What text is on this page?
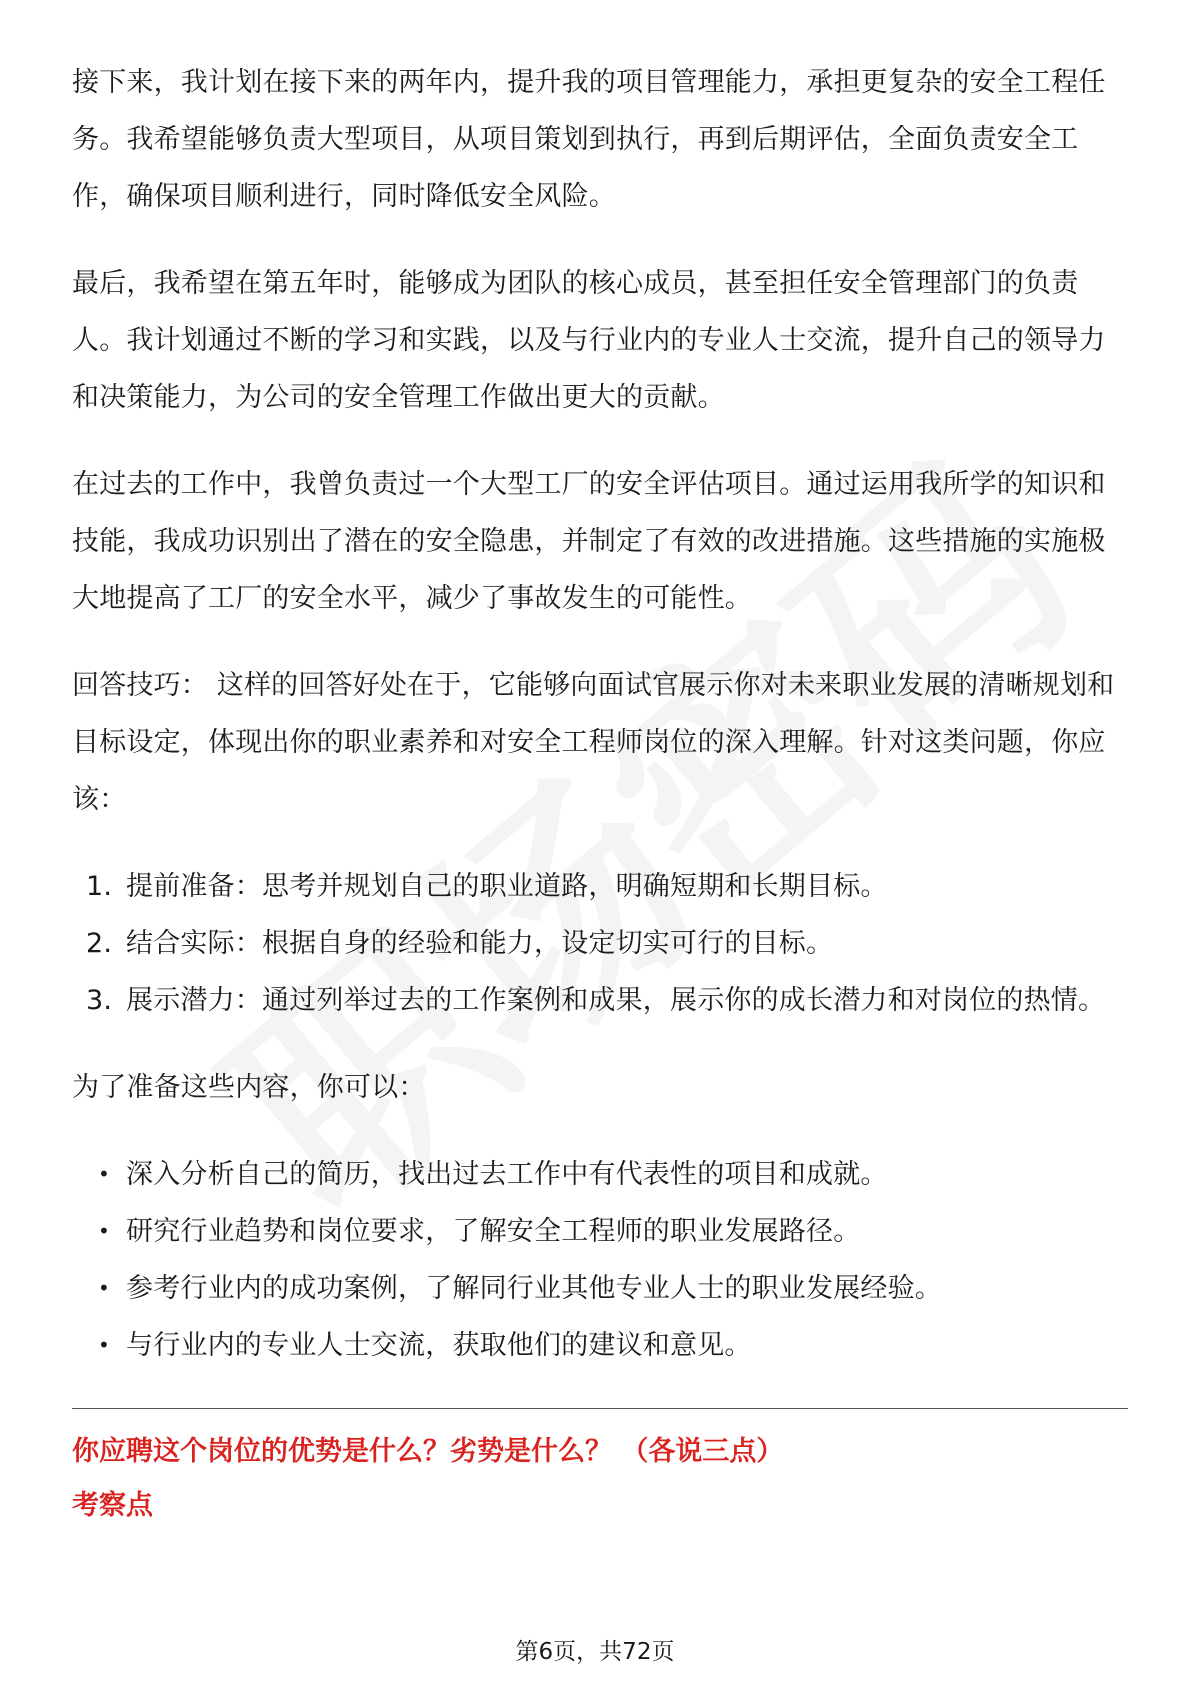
接下来，我计划在接下来的两年内，提升我的项目管理能力，承担更复杂的安全工程任务。我希望能够负责大型项目，从项目策划到执行，再到后期评估，全面负责安全工作，确保项目顺利进行，同时降低安全风险。

最后，我希望在第五年时，能够成为团队的核心成员，甚至担任安全管理部门的负责人。我计划通过不断的学习和实践，以及与行业内的专业人士交流，提升自己的领导力和决策能力，为公司的安全管理工作做出更大的贡献。

在过去的工作中，我曾负责过一个大型工厂的安全评估项目。通过运用我所学的知识和技能，我成功识别出了潜在的安全隐患，并制定了有效的改进措施。这些措施的实施极大地提高了工厂的安全水平，减少了事故发生的可能性。

回答技巧： 这样的回答好处在于，它能够向面试官展示你对未来职业发展的清晰规划和目标设定，体现出你的职业素养和对安全工程师岗位的深入理解。针对这类问题，你应该：

1. 提前准备：思考并规划自己的职业道路，明确短期和长期目标。
2. 结合实际：根据自身的经验和能力，设定切实可行的目标。
3. 展示潜力：通过列举过去的工作案例和成果，展示你的成长潜力和对岗位的热情。

为了准备这些内容，你可以：

• 深入分析自己的简历，找出过去工作中有代表性的项目和成就。
• 研究行业趋势和岗位要求，了解安全工程师的职业发展路径。
• 参考行业内的成功案例，了解同行业其他专业人士的职业发展经验。
• 与行业内的专业人士交流，获取他们的建议和意见。
你应聘这个岗位的优势是什么？劣势是什么？ （各说三点）
考察点
第6页，共72页
